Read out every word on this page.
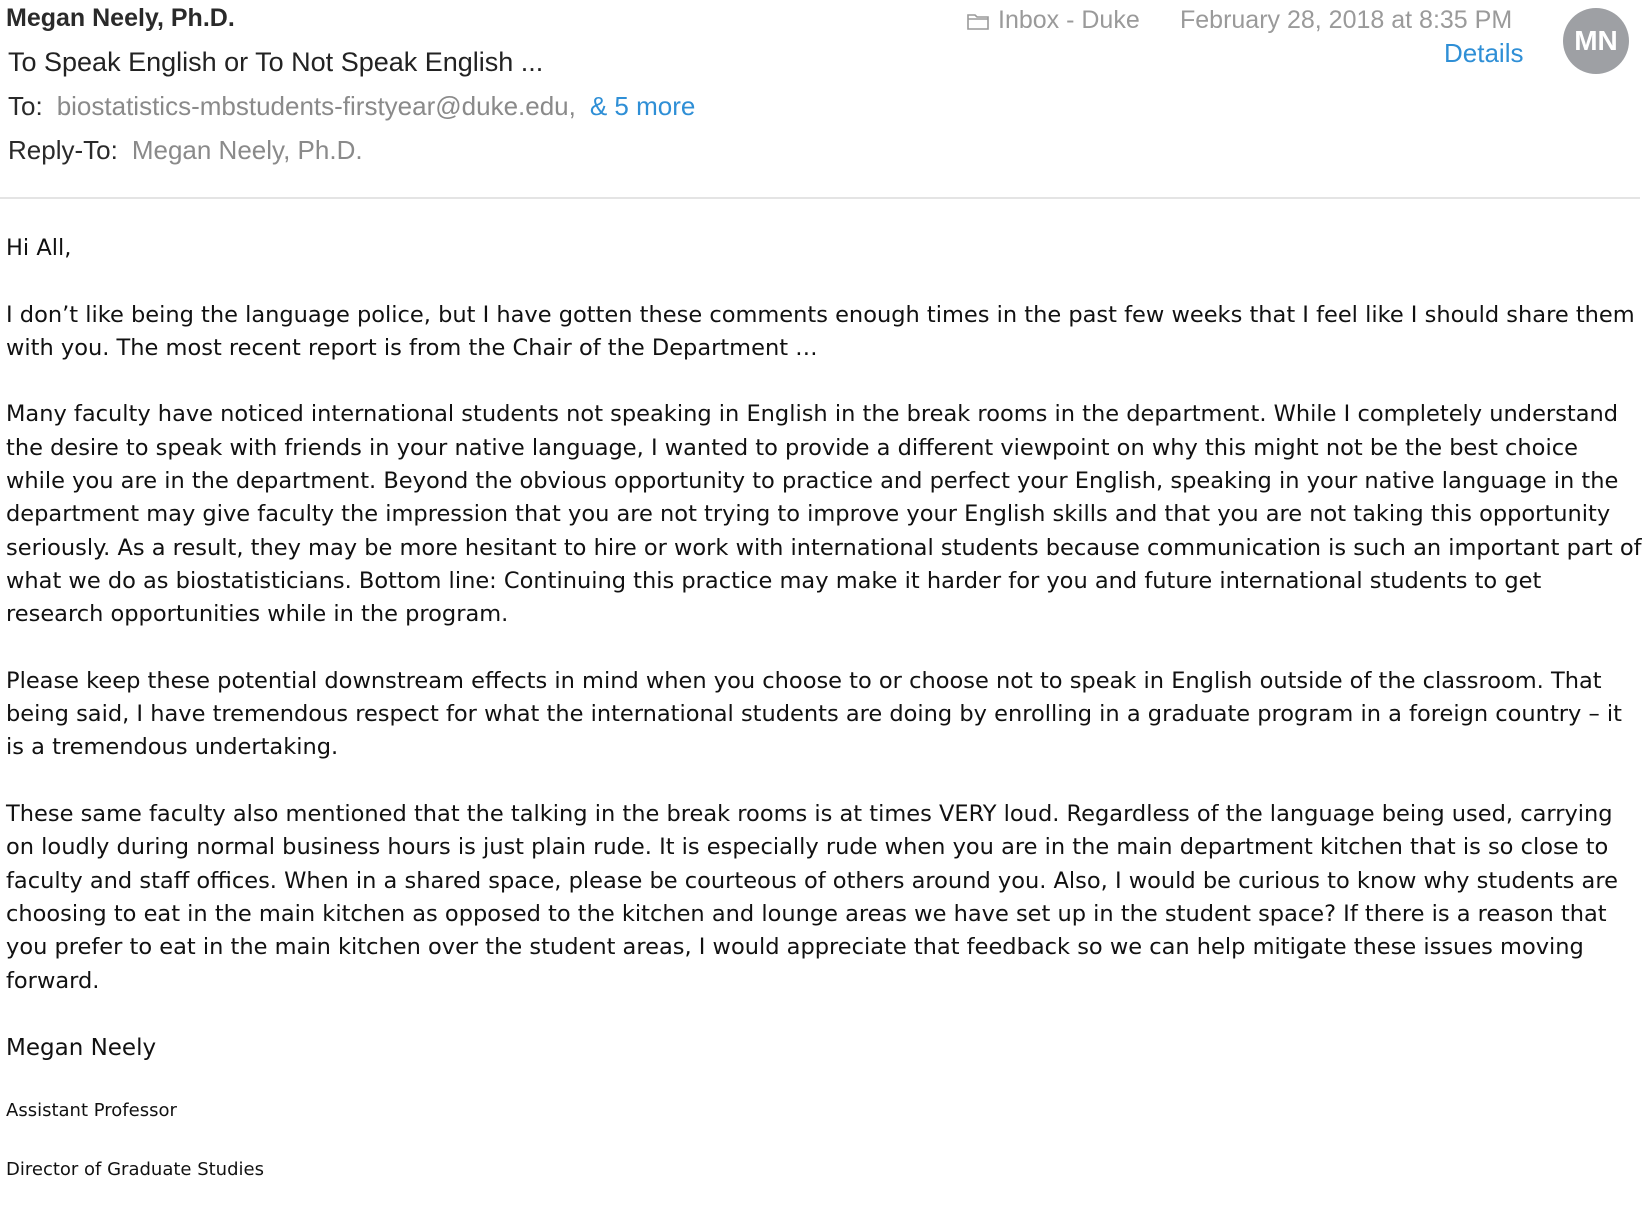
Megan Neely, Ph.D.
To Speak English or To Not Speak English ...
To: biostatistics-mbstudents-firstyear@duke.edu, & 5 more
Reply-To: Megan Neely, Ph.D.
Inbox - Duke February 28, 2018 at 8:35 PM
Details	MN

Hi All,

I don’t like being the language police, but I have gotten these comments enough times in the past few weeks that I feel like I should share them with you. The most recent report is from the Chair of the Department …

Many faculty have noticed international students not speaking in English in the break rooms in the department. While I completely understand the desire to speak with friends in your native language, I wanted to provide a different viewpoint on why this might not be the best choice while you are in the department. Beyond the obvious opportunity to practice and perfect your English, speaking in your native language in the department may give faculty the impression that you are not trying to improve your English skills and that you are not taking this opportunity seriously. As a result, they may be more hesitant to hire or work with international students because communication is such an important part of what we do as biostatisticians. Bottom line: Continuing this practice may make it harder for you and future international students to get research opportunities while in the program.

Please keep these potential downstream effects in mind when you choose to or choose not to speak in English outside of the classroom. That being said, I have tremendous respect for what the international students are doing by enrolling in a graduate program in a foreign country – it is a tremendous undertaking.

These same faculty also mentioned that the talking in the break rooms is at times VERY loud. Regardless of the language being used, carrying on loudly during normal business hours is just plain rude. It is especially rude when you are in the main department kitchen that is so close to faculty and staff offices. When in a shared space, please be courteous of others around you. Also, I would be curious to know why students are choosing to eat in the main kitchen as opposed to the kitchen and lounge areas we have set up in the student space? If there is a reason that you prefer to eat in the main kitchen over the student areas, I would appreciate that feedback so we can help mitigate these issues moving forward.

Megan Neely

Assistant Professor

Director of Graduate Studies
